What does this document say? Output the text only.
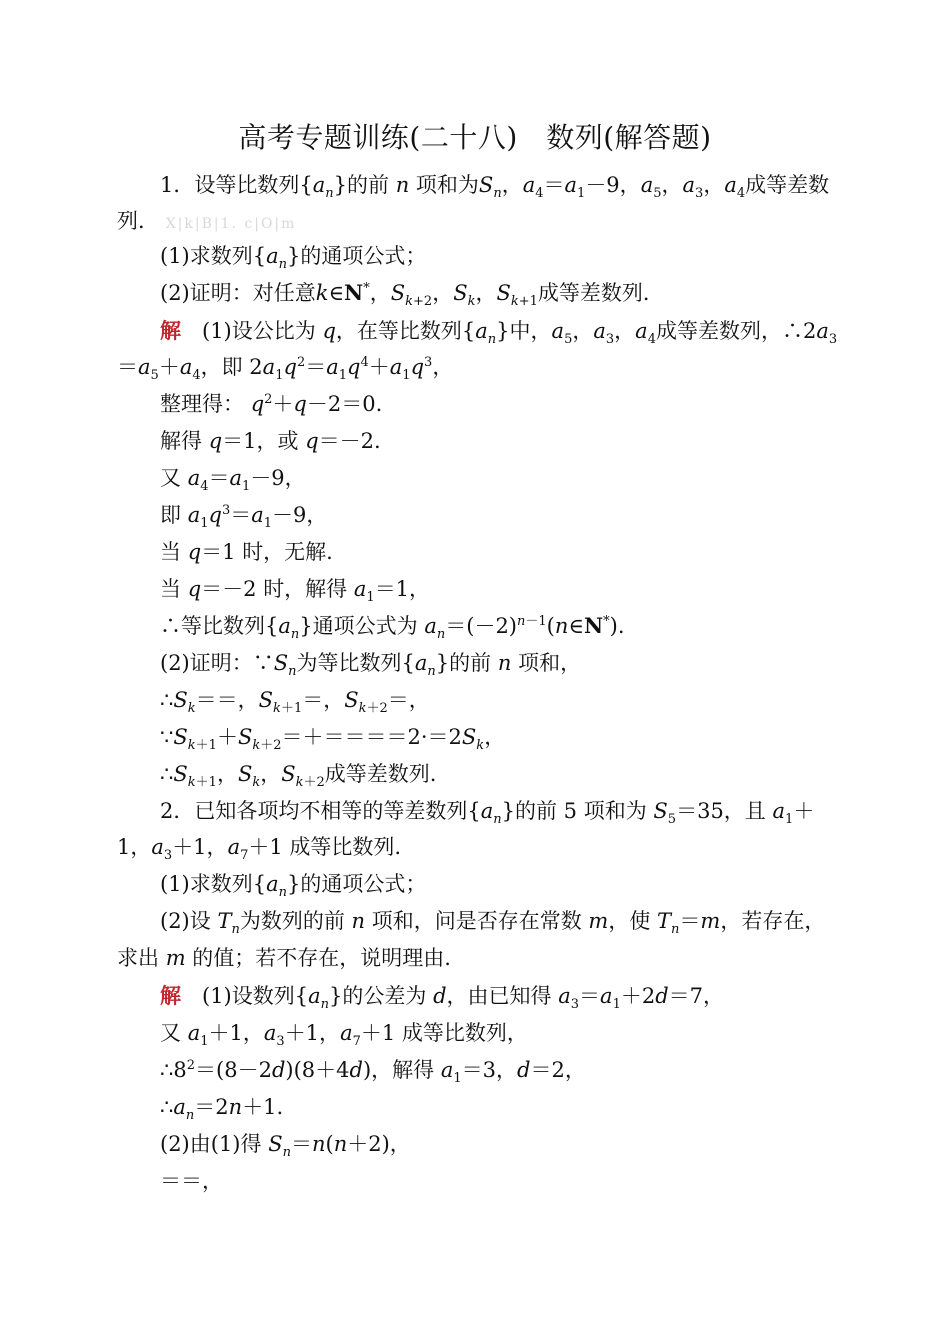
高考专题训练(二十八)　数列(解答题)
1．设等比数列$\{a_n\}$的前 n 项和为$S_n$，$a_4=a_1-9$，$a_5$，$a_3$，$a_4$成等差数
列． X|k|B|1. c|O|m
(1)求数列$\{a_n\}$的通项公式；
(2)证明：对任意k∈N*，$S_{k+2}$，$S_k$，$S_{k+1}$成等差数列．
解　 (1)设公比为 q，在等比数列$\{a_n\}$中，$a_5$，$a_3$，$a_4$成等差数列，$\therefore 2a_3$
$=a_5+a_4$，即 $2a_1q^2=a_1q^4+a_1q^3$，
整理得： $q^2+q-2=0$.
解得 q＝1，或 q＝－2.
又 $a_4=a_1-9$，
即 $a_1q^3=a_1-9$，
当 q＝1 时，无解.
当 q＝－2 时，解得 $a_1=1$，
∴等比数列$\{a_n\}$通项公式为 $a_n=(-2)^{n-1}(n\in N^*)$.
(2)证明：$\because S_n$为等比数列$\{a_n\}$的前 n 项和，
$\therefore S_k==$，$S_{k+1}=$，$S_{k+2}=$，
$\because S_{k+1}+S_{k+2}=+====2\cdot=2S_k$，
$\therefore S_{k+1}$，$S_k$，$S_{k+2}$成等差数列.
2．已知各项均不相等的等差数列$\{a_n\}$的前 5 项和为 $S_5=35$，且 $a_1+$
1，$a_3+1$，$a_7+1$ 成等比数列.
(1)求数列$\{a_n\}$的通项公式；
(2)设 $T_n$为数列的前 n 项和，问是否存在常数 m，使 $T_n=m$，若存在，
求出 m 的值；若不存在，说明理由.
解　 (1)设数列$\{a_n\}$的公差为 d，由已知得 $a_3=a_1+2d=7$，
又 $a_1+1$，$a_3+1$，$a_7+1$ 成等比数列，
$\therefore 8^2=(8-2d)(8+4d)$，解得 $a_1=3$，d＝2，
$\therefore a_n=2n+1$.
(2)由(1)得 $S_n=n(n+2)$，
＝＝，
